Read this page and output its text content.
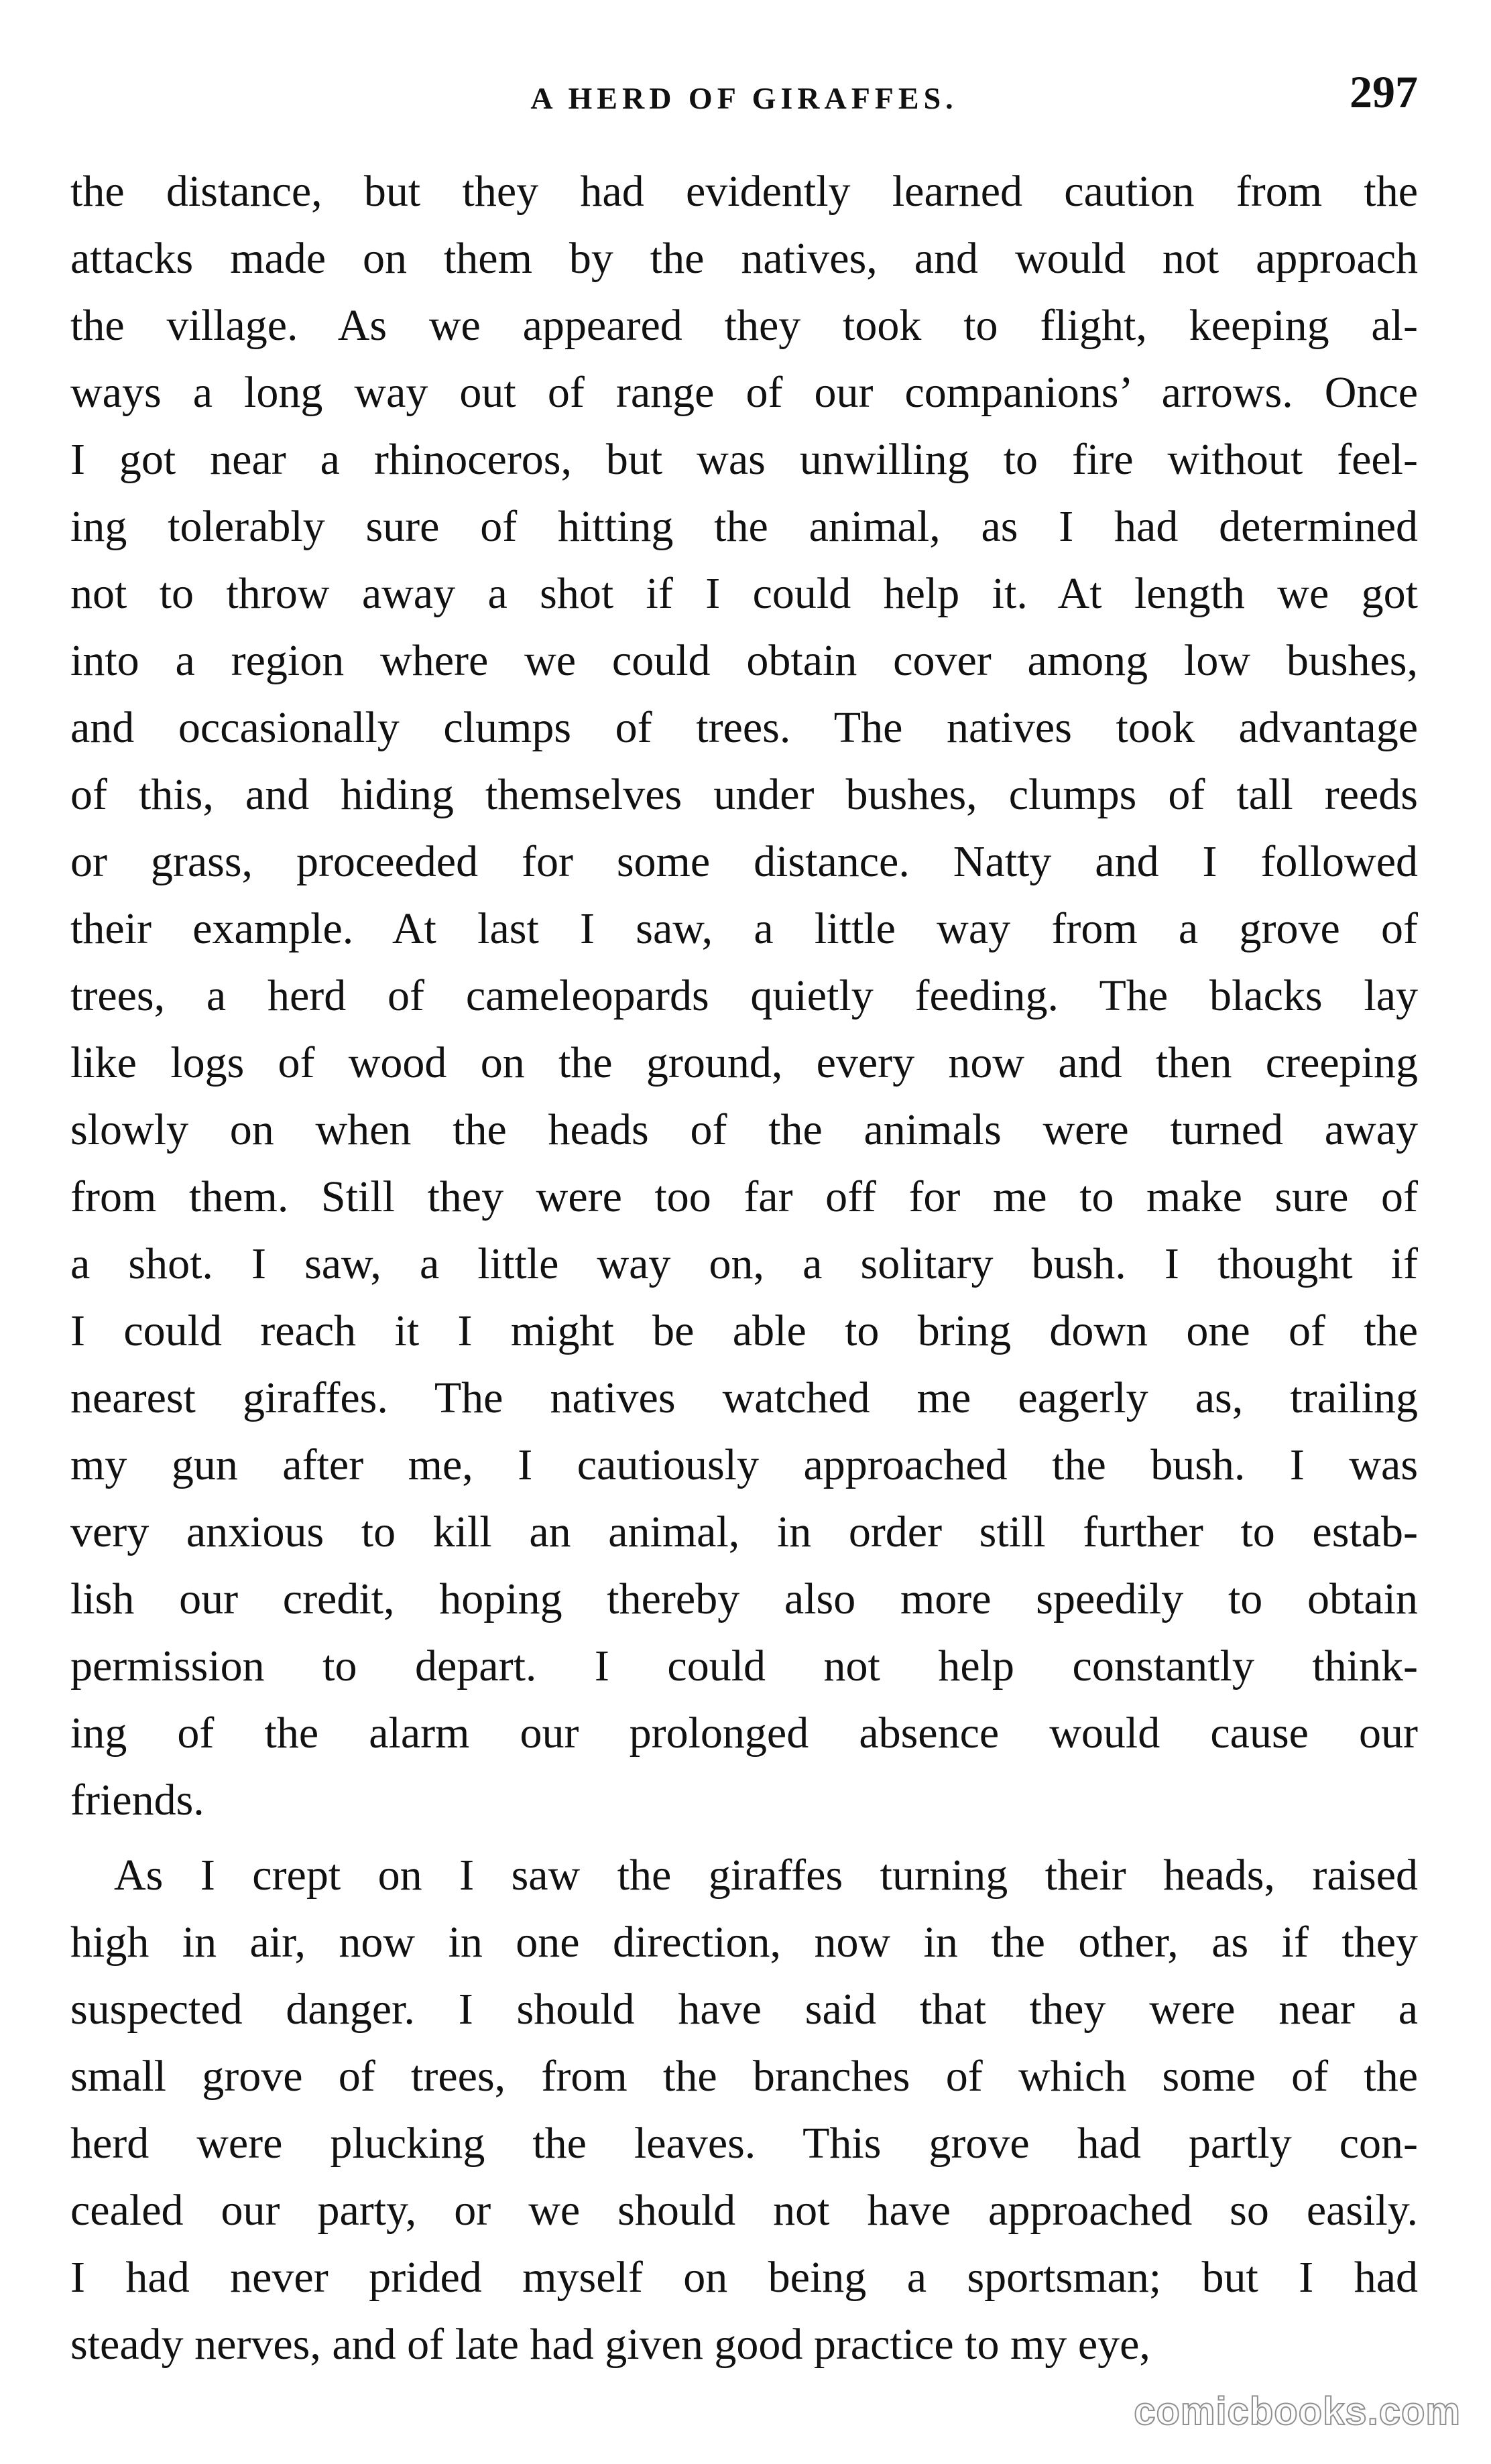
A HERD OF GIRAFFES.	297
the distance, but they had evidently learned caution from the
attacks made on them by the natives, and would not approach
the village. As we appeared they took to flight, keeping al-
ways a long way out of range of our companions’ arrows. Once
I got near a rhinoceros, but was unwilling to fire without feel-
ing tolerably sure of hitting the animal, as I had determined
not to throw away a shot if I could help it. At length we got
into a region where we could obtain cover among low bushes,
and occasionally clumps of trees. The natives took advantage
of this, and hiding themselves under bushes, clumps of tall reeds
or grass, proceeded for some distance. Natty and I followed
their example. At last I saw, a little way from a grove of
trees, a herd of cameleopards quietly feeding. The blacks lay
like logs of wood on the ground, every now and then creeping
slowly on when the heads of the animals were turned away
from them. Still they were too far off for me to make sure of
a shot. I saw, a little way on, a solitary bush. I thought if
I could reach it I might be able to bring down one of the
nearest giraffes. The natives watched me eagerly as, trailing
my gun after me, I cautiously approached the bush. I was
very anxious to kill an animal, in order still further to estab-
lish our credit, hoping thereby also more speedily to obtain
permission to depart. I could not help constantly think-
ing of the alarm our prolonged absence would cause our
friends.
As I crept on I saw the giraffes turning their heads, raised
high in air, now in one direction, now in the other, as if they
suspected danger. I should have said that they were near a
small grove of trees, from the branches of which some of the
herd were plucking the leaves. This grove had partly con-
cealed our party, or we should not have approached so easily.
I had never prided myself on being a sportsman; but I had
steady nerves, and of late had given good practice to my eye,
comicbooks.com
